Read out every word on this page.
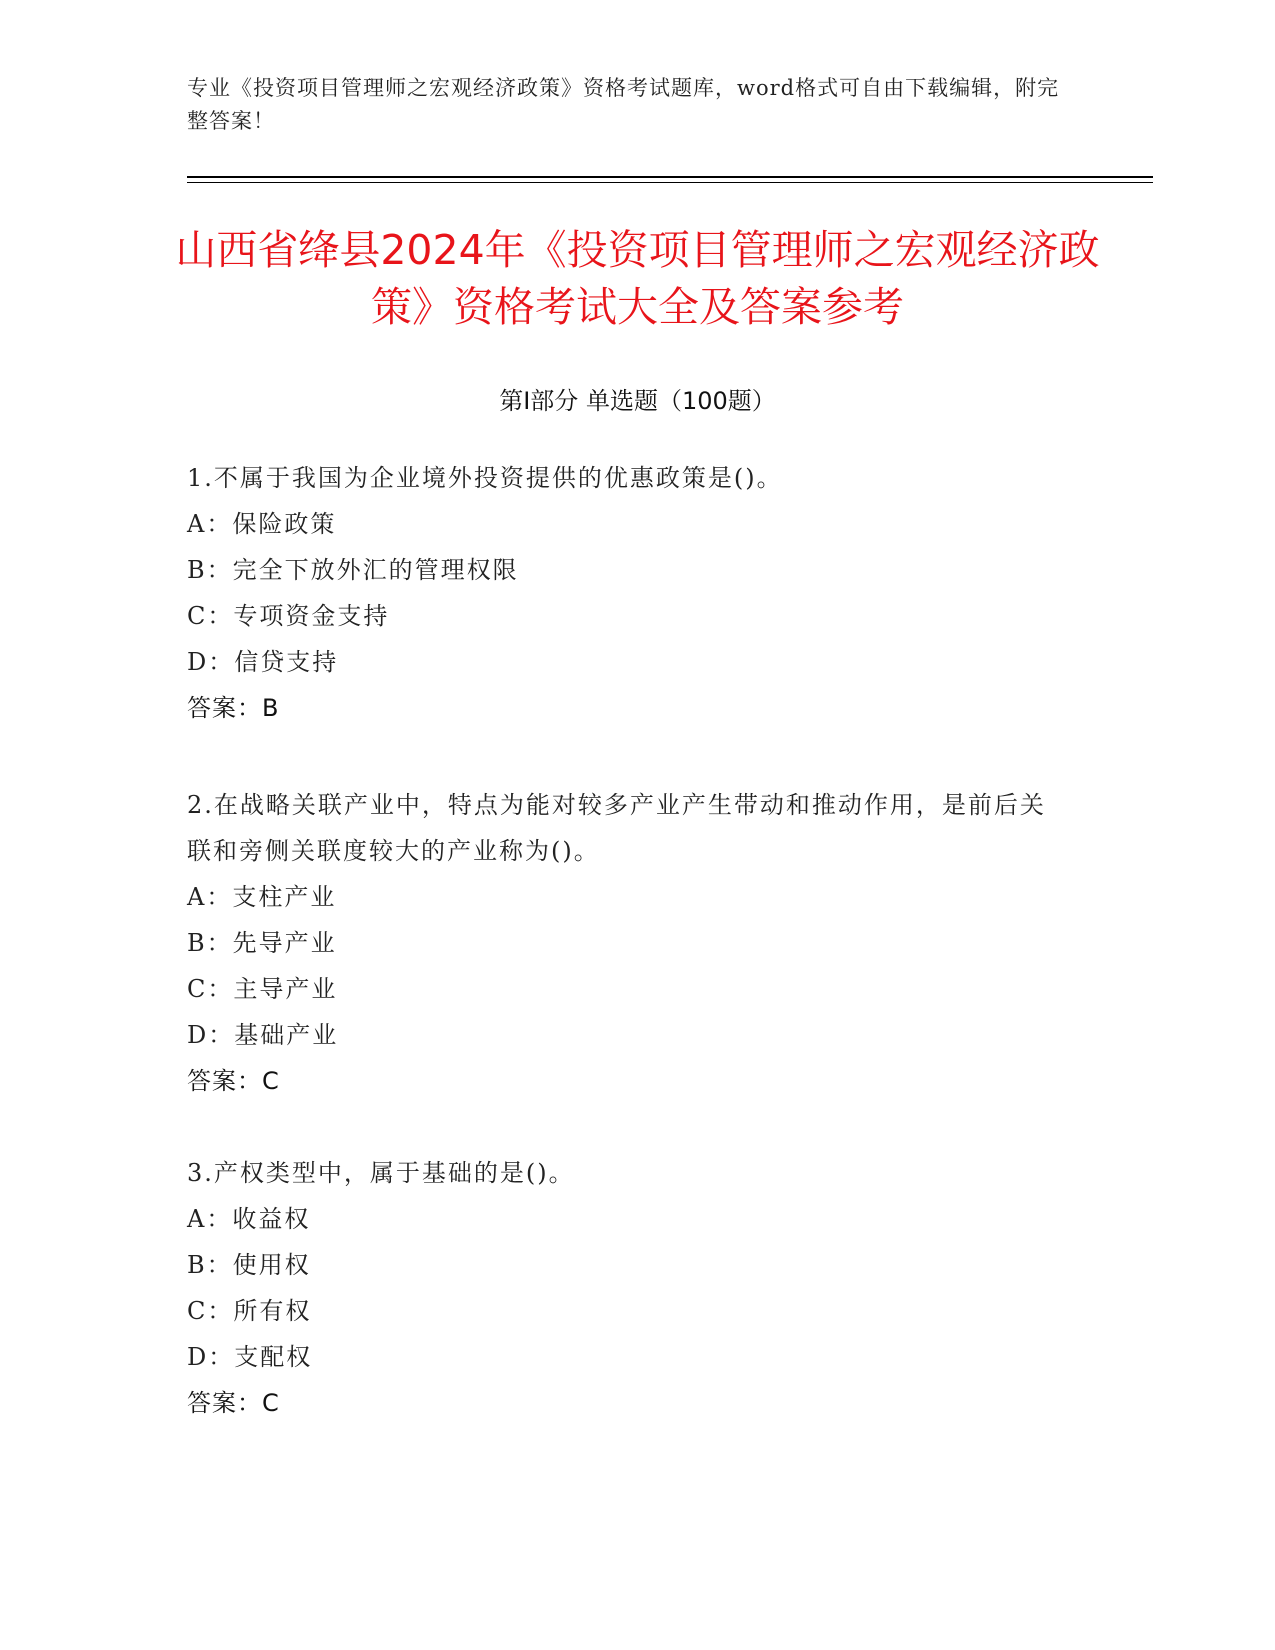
专业《投资项目管理师之宏观经济政策》资格考试题库，word格式可自由下载编辑，附完整答案！
山西省绛县2024年《投资项目管理师之宏观经济政策》资格考试大全及答案参考
第Ⅰ部分 单选题（100题）

1.不属于我国为企业境外投资提供的优惠政策是()。

A：保险政策

B：完全下放外汇的管理权限

C：专项资金支持

D：信贷支持

答案：B

2.在战略关联产业中，特点为能对较多产业产生带动和推动作用，是前后关联和旁侧关联度较大的产业称为()。

A：支柱产业

B：先导产业

C：主导产业

D：基础产业

答案：C

3.产权类型中，属于基础的是()。

A：收益权

B：使用权

C：所有权

D：支配权

答案：C
